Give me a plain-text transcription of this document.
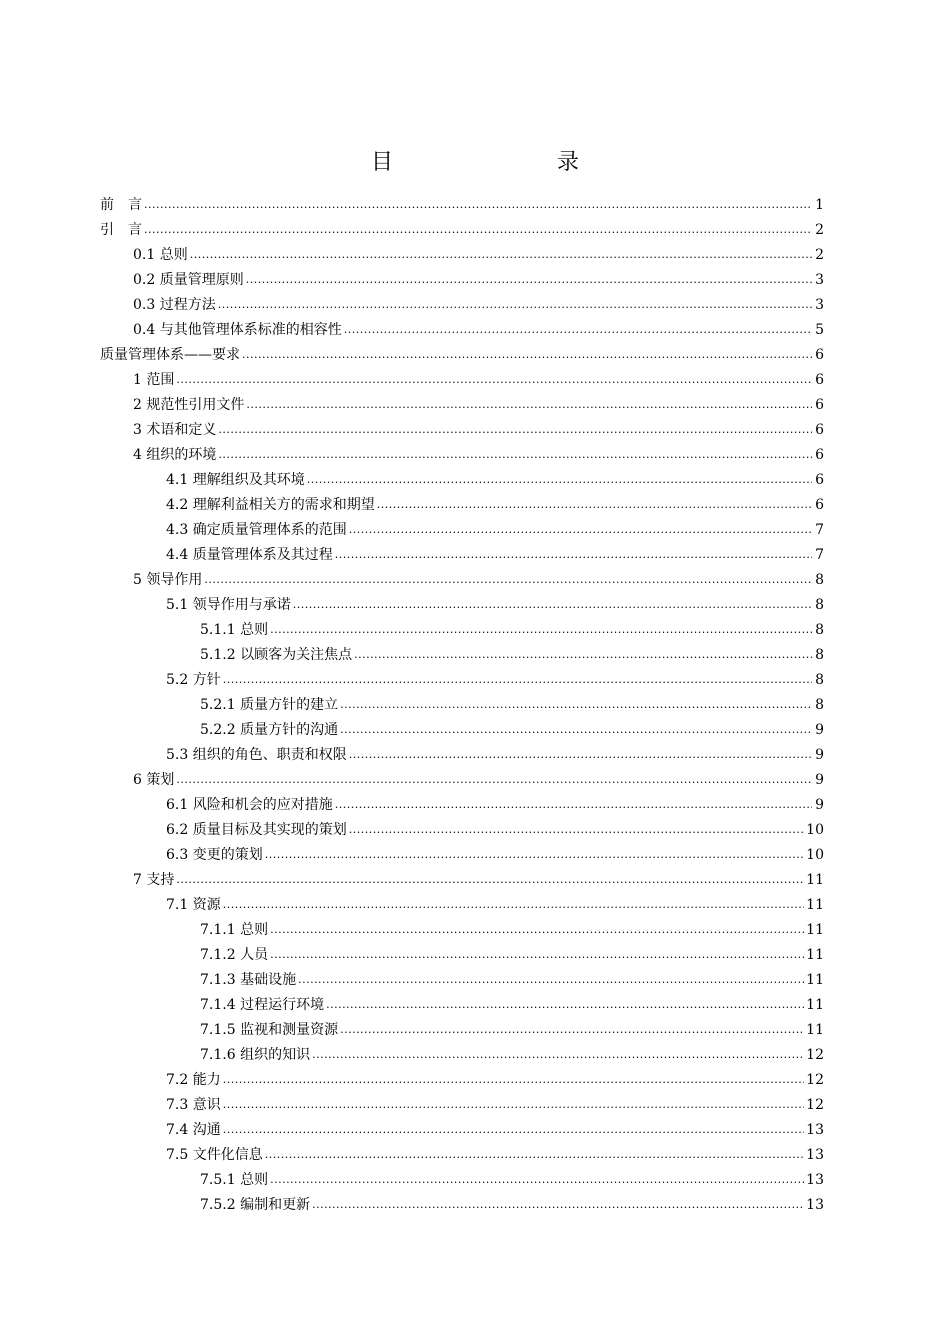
目　　录
前　言 .....	1
引　言 .....	2
0.1 总则 .....	2
0.2 质量管理原则 .....	3
0.3 过程方法 .....	3
0.4 与其他管理体系标准的相容性 .....	5
质量管理体系——要求 .....	6
1 范围 .....	6
2 规范性引用文件 .....	6
3 术语和定义 .....	6
4 组织的环境 .....	6
4.1 理解组织及其环境 .....	6
4.2 理解利益相关方的需求和期望 .....	6
4.3 确定质量管理体系的范围 .....	7
4.4 质量管理体系及其过程 .....	7
5 领导作用 .....	8
5.1 领导作用与承诺 .....	8
5.1.1 总则 .....	8
5.1.2 以顾客为关注焦点 .....	8
5.2 方针 .....	8
5.2.1 质量方针的建立 .....	8
5.2.2 质量方针的沟通 .....	9
5.3 组织的角色、职责和权限 .....	9
6 策划 .....	9
6.1 风险和机会的应对措施 .....	9
6.2 质量目标及其实现的策划 .....	10
6.3 变更的策划 .....	10
7 支持 .....	11
7.1 资源 .....	11
7.1.1 总则 .....	11
7.1.2 人员 .....	11
7.1.3 基础设施 .....	11
7.1.4 过程运行环境 .....	11
7.1.5 监视和测量资源 .....	11
7.1.6 组织的知识 .....	12
7.2 能力 .....	12
7.3 意识 .....	12
7.4 沟通 .....	13
7.5 文件化信息 .....	13
7.5.1 总则 .....	13
7.5.2 编制和更新 .....	13
